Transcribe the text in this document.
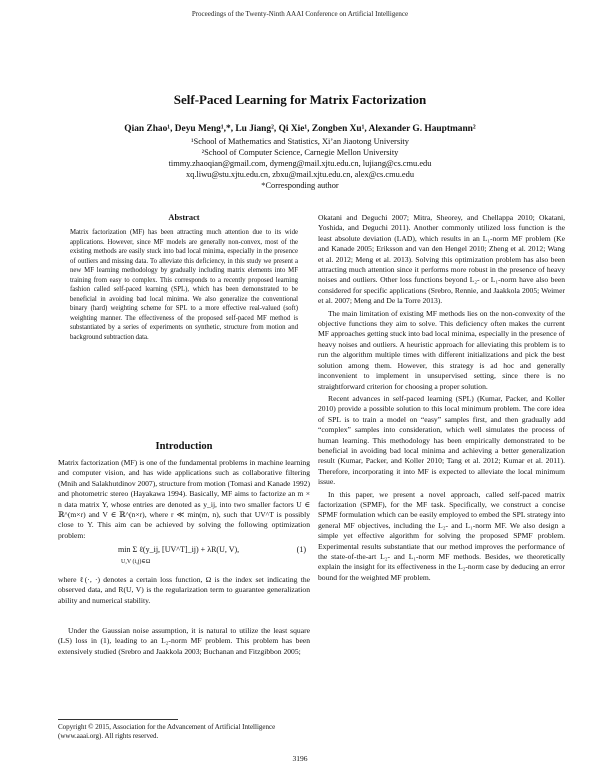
Proceedings of the Twenty-Ninth AAAI Conference on Artificial Intelligence
Self-Paced Learning for Matrix Factorization
Qian Zhao¹, Deyu Meng¹,*, Lu Jiang², Qi Xie¹, Zongben Xu¹, Alexander G. Hauptmann²
¹School of Mathematics and Statistics, Xi’an Jiaotong University
²School of Computer Science, Carnegie Mellon University
timmy.zhaoqian@gmail.com, dymeng@mail.xjtu.edu.cn, lujiang@cs.cmu.edu
xq.liwu@stu.xjtu.edu.cn, zbxu@mail.xjtu.edu.cn, alex@cs.cmu.edu
*Corresponding author
Abstract
Matrix factorization (MF) has been attracting much attention due to its wide applications. However, since MF models are generally non-convex, most of the existing methods are easily stuck into bad local minima, especially in the presence of outliers and missing data. To alleviate this deficiency, in this study we present a new MF learning methodology by gradually including matrix elements into MF training from easy to complex. This corresponds to a recently proposed learning fashion called self-paced learning (SPL), which has been demonstrated to be beneficial in avoiding bad local minima. We also generalize the conventional binary (hard) weighting scheme for SPL to a more effective real-valued (soft) weighting manner. The effectiveness of the proposed self-paced MF method is substantiated by a series of experiments on synthetic, structure from motion and background subtraction data.
Introduction

Matrix factorization (MF) is one of the fundamental problems in machine learning and computer vision, and has wide applications such as collaborative filtering (Mnih and Salakhutdinov 2007), structure from motion (Tomasi and Kanade 1992) and photometric stereo (Hayakawa 1994). Basically, MF aims to factorize an m × n data matrix Y, whose entries are denoted as y_ij, into two smaller factors U ∈ ℝ^(m×r) and V ∈ ℝ^(n×r), where r ≪ min(m, n), such that UV^T is possibly close to Y. This aim can be achieved by solving the following optimization problem:

min Σ ℓ(y_ij, [UV^T]_ij) + λR(U, V),
U,V (i,j)∈Ω
(1)

where ℓ(·, ·) denotes a certain loss function, Ω is the index set indicating the observed data, and R(U, V) is the regularization term to guarantee generalization ability and numerical stability.

Under the Gaussian noise assumption, it is natural to utilize the least square (LS) loss in (1), leading to an L₂-norm MF problem. This problem has been extensively studied (Srebro and Jaakkola 2003; Buchanan and Fitzgibbon 2005;

Copyright © 2015, Association for the Advancement of Artificial Intelligence (www.aaai.org). All rights reserved.

Okatani and Deguchi 2007; Mitra, Sheorey, and Chellappa 2010; Okatani, Yoshida, and Deguchi 2011). Another commonly utilized loss function is the least absolute deviation (LAD), which results in an L₁-norm MF problem (Ke and Kanade 2005; Eriksson and van den Hengel 2010; Zheng et al. 2012; Wang et al. 2012; Meng et al. 2013). Solving this optimization problem has also been attracting much attention since it performs more robust in the presence of heavy noises and outliers. Other loss functions beyond L₂- or L₁-norm have also been considered for specific applications (Srebro, Rennie, and Jaakkola 2005; Weimer et al. 2007; Meng and De la Torre 2013).

The main limitation of existing MF methods lies on the non-convexity of the objective functions they aim to solve. This deficiency often makes the current MF approaches getting stuck into bad local minima, especially in the presence of heavy noises and outliers. A heuristic approach for alleviating this problem is to run the algorithm multiple times with different initializations and pick the best solution among them. However, this strategy is ad hoc and generally inconvenient to implement in unsupervised setting, since there is no straightforward criterion for choosing a proper solution.

Recent advances in self-paced learning (SPL) (Kumar, Packer, and Koller 2010) provide a possible solution to this local minimum problem. The core idea of SPL is to train a model on “easy” samples first, and then gradually add “complex” samples into consideration, which well simulates the process of human learning. This methodology has been empirically demonstrated to be beneficial in avoiding bad local minima and achieving a better generalization result (Kumar, Packer, and Koller 2010; Tang et al. 2012; Kumar et al. 2011). Therefore, incorporating it into MF is expected to alleviate the local minimum issue.

In this paper, we present a novel approach, called self-paced matrix factorization (SPMF), for the MF task. Specifically, we construct a concise SPMF formulation which can be easily employed to embed the SPL strategy into general MF objectives, including the L₂- and L₁-norm MF. We also design a simple yet effective algorithm for solving the proposed SPMF problem. Experimental results substantiate that our method improves the performance of the state-of-the-art L₂- and L₁-norm MF methods. Besides, we theoretically explain the insight for its effectiveness in the L₂-norm case by deducing an error bound for the weighted MF problem.

3196
